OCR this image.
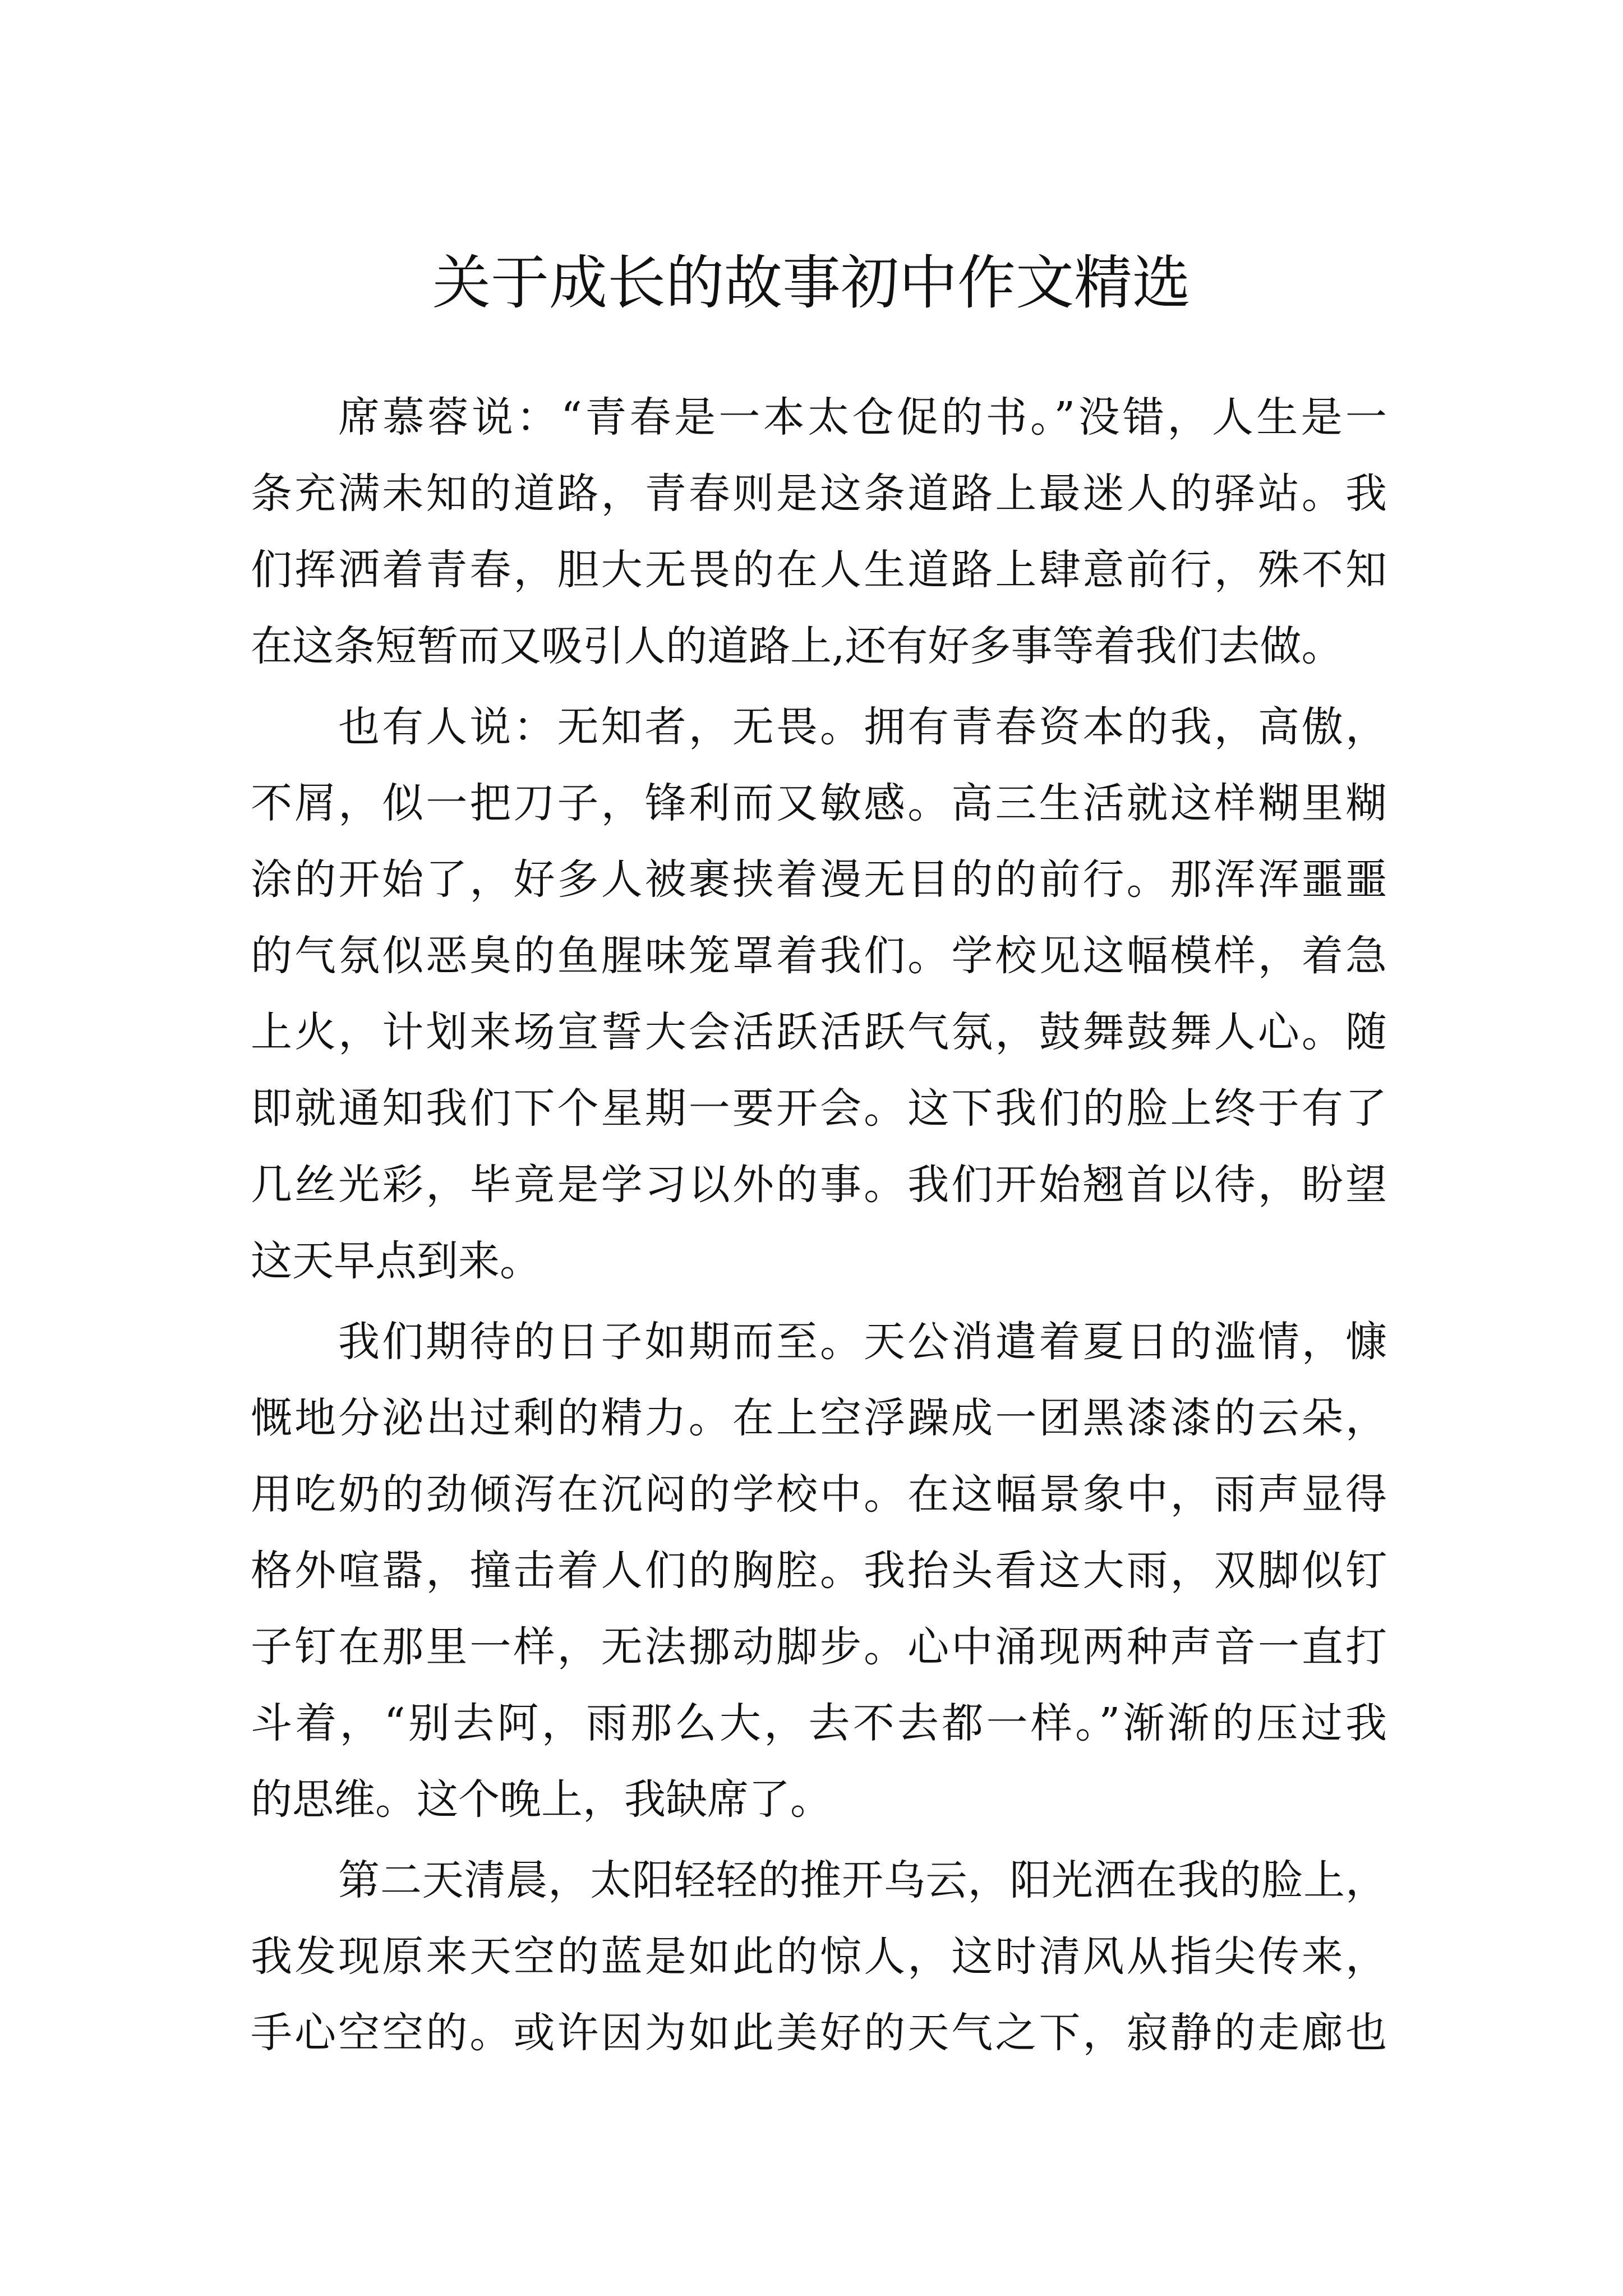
关于成长的故事初中作文精选
席慕蓉说：“青春是一本太仓促的书。”没错，人生是一
条充满未知的道路，青春则是这条道路上最迷人的驿站。我
们挥洒着青春，胆大无畏的在人生道路上肆意前行，殊不知
在这条短暂而又吸引人的道路上,还有好多事等着我们去做。
也有人说：无知者，无畏。拥有青春资本的我，高傲，
不屑，似一把刀子，锋利而又敏感。高三生活就这样糊里糊
涂的开始了，好多人被裹挟着漫无目的的前行。那浑浑噩噩
的气氛似恶臭的鱼腥味笼罩着我们。学校见这幅模样，着急
上火，计划来场宣誓大会活跃活跃气氛，鼓舞鼓舞人心。随
即就通知我们下个星期一要开会。这下我们的脸上终于有了
几丝光彩，毕竟是学习以外的事。我们开始翘首以待，盼望
这天早点到来。
我们期待的日子如期而至。天公消遣着夏日的滥情，慷
慨地分泌出过剩的精力。在上空浮躁成一团黑漆漆的云朵，
用吃奶的劲倾泻在沉闷的学校中。在这幅景象中，雨声显得
格外喧嚣，撞击着人们的胸腔。我抬头看这大雨，双脚似钉
子钉在那里一样，无法挪动脚步。心中涌现两种声音一直打
斗着，“别去阿，雨那么大，去不去都一样。”渐渐的压过我
的思维。这个晚上，我缺席了。
第二天清晨，太阳轻轻的推开乌云，阳光洒在我的脸上，
我发现原来天空的蓝是如此的惊人，这时清风从指尖传来，
手心空空的。或许因为如此美好的天气之下，寂静的走廊也
